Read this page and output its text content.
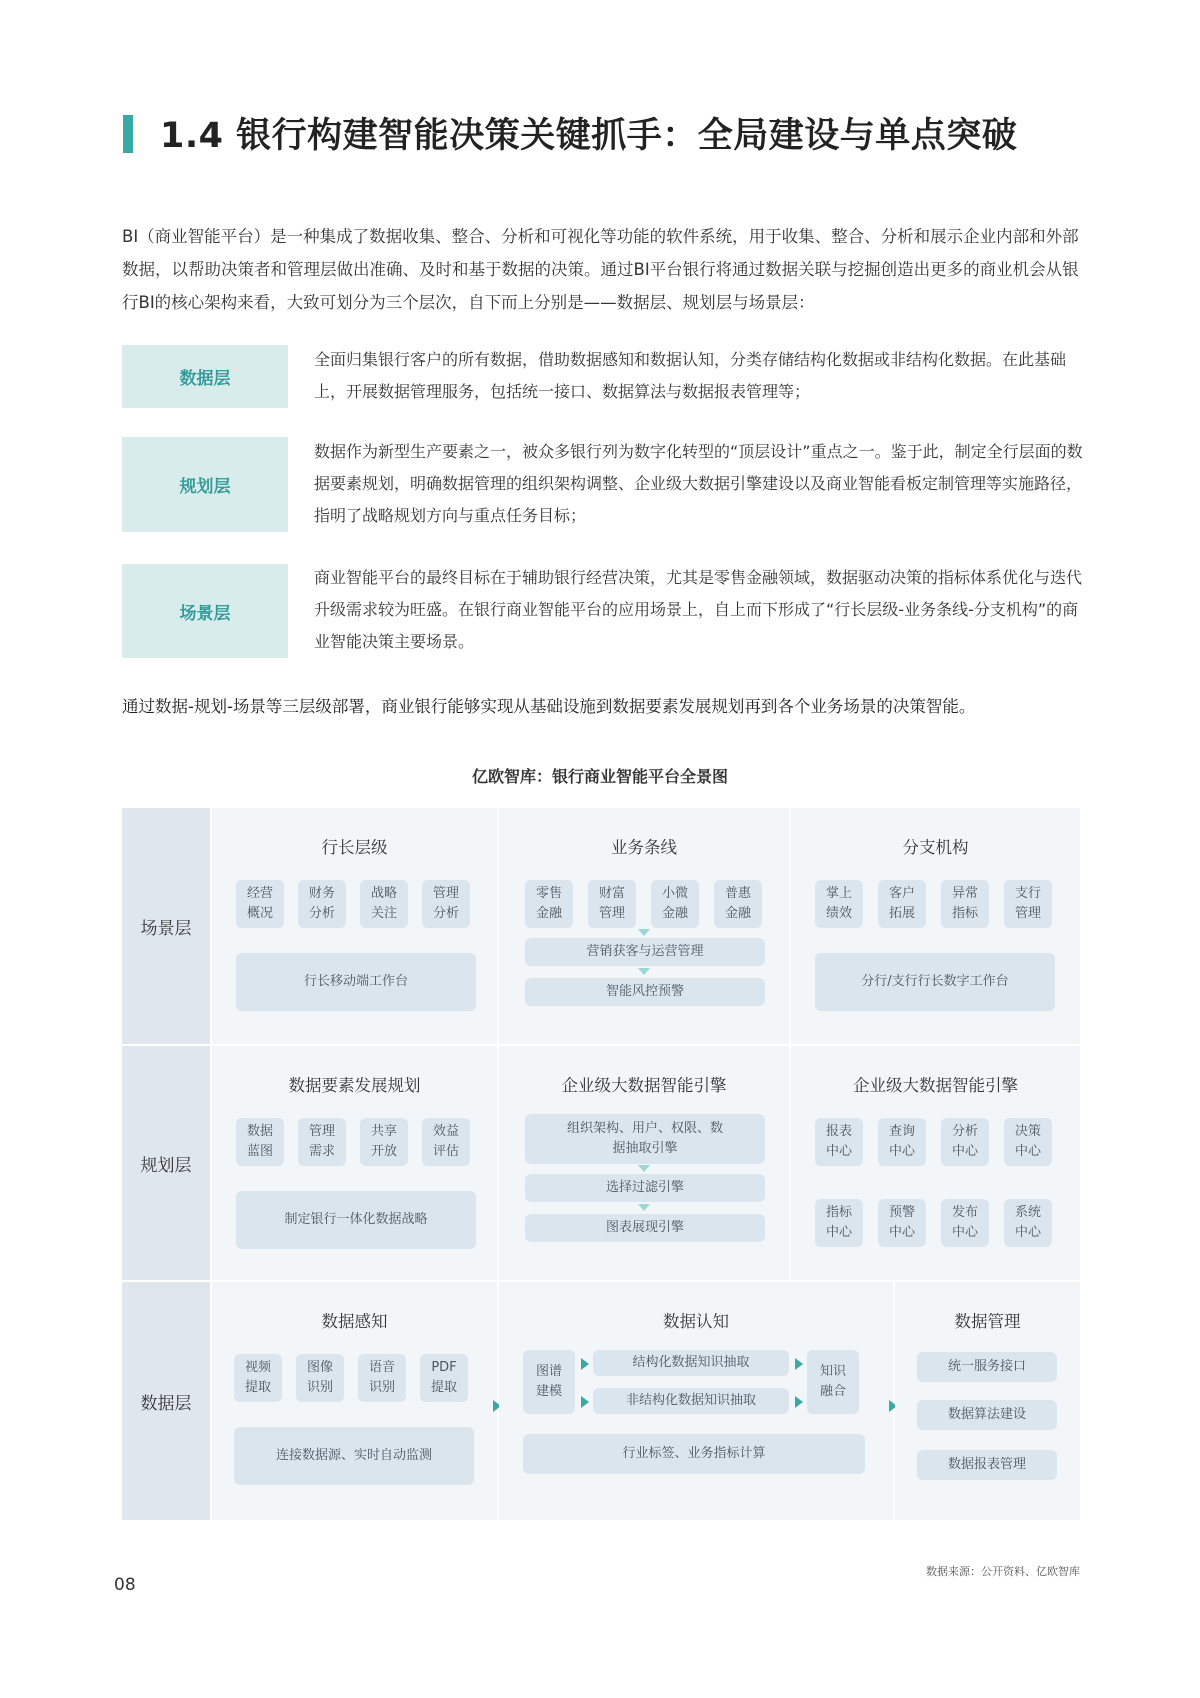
1.4 银行构建智能决策关键抓手：全局建设与单点突破
BI（商业智能平台）是一种集成了数据收集、整合、分析和可视化等功能的软件系统，用于收集、整合、分析和展示企业内部和外部数据，以帮助决策者和管理层做出准确、及时和基于数据的决策。通过BI平台银行将通过数据关联与挖掘创造出更多的商业机会从银行BI的核心架构来看，大致可划分为三个层次，自下而上分别是——数据层、规划层与场景层：
数据层
全面归集银行客户的所有数据，借助数据感知和数据认知，分类存储结构化数据或非结构化数据。在此基础上，开展数据管理服务，包括统一接口、数据算法与数据报表管理等；
规划层
数据作为新型生产要素之一，被众多银行列为数字化转型的“顶层设计”重点之一。鉴于此，制定全行层面的数据要素规划，明确数据管理的组织架构调整、企业级大数据引擎建设以及商业智能看板定制管理等实施路径，指明了战略规划方向与重点任务目标；
场景层
商业智能平台的最终目标在于辅助银行经营决策，尤其是零售金融领域，数据驱动决策的指标体系优化与迭代升级需求较为旺盛。在银行商业智能平台的应用场景上，自上而下形成了“行长层级-业务条线-分支机构”的商业智能决策主要场景。
通过数据-规划-场景等三层级部署，商业银行能够实现从基础设施到数据要素发展规划再到各个业务场景的决策智能。
亿欧智库：银行商业智能平台全景图
场景层
行长层级
经营
概况
财务
分析
战略
关注
管理
分析
行长移动端工作台
业务条线
零售
金融
财富
管理
小微
金融
普惠
金融
营销获客与运营管理
智能风控预警
分支机构
掌上
绩效
客户
拓展
异常
指标
支行
管理
分行/支行行长数字工作台
规划层
数据要素发展规划
数据
蓝图
管理
需求
共享
开放
效益
评估
制定银行一体化数据战略
企业级大数据智能引擎
组织架构、用户、权限、数
据抽取引擎
选择过滤引擎
图表展现引擎
企业级大数据智能引擎
报表
中心
查询
中心
分析
中心
决策
中心
指标
中心
预警
中心
发布
中心
系统
中心
数据层
数据感知
视频
提取
图像
识别
语音
识别
PDF
提取
连接数据源、实时自动监测
数据认知
图谱
建模
结构化数据知识抽取
非结构化数据知识抽取
知识
融合
行业标签、业务指标计算
数据管理
统一服务接口
数据算法建设
数据报表管理
08
数据来源：公开资料、亿欧智库
